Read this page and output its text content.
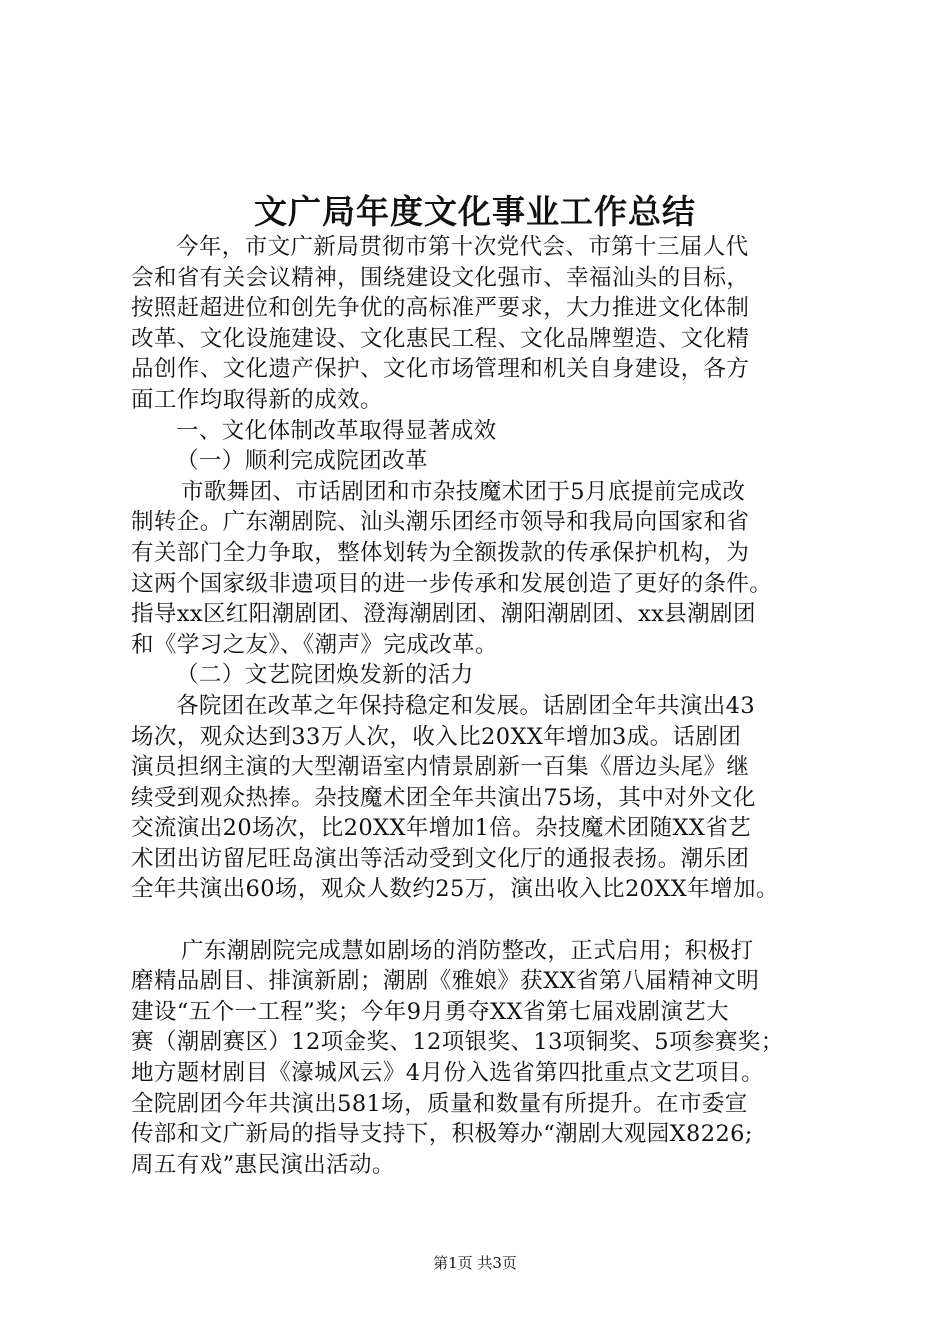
文广局年度文化事业工作总结
今年，市文广新局贯彻市第十次党代会、市第十三届人代
会和省有关会议精神，围绕建设文化强市、幸福汕头的目标，
按照赶超进位和创先争优的高标准严要求，大力推进文化体制
改革、文化设施建设、文化惠民工程、文化品牌塑造、文化精
品创作、文化遗产保护、文化市场管理和机关自身建设，各方
面工作均取得新的成效。
一、文化体制改革取得显著成效
（一）顺利完成院团改革
市歌舞团、市话剧团和市杂技魔术团于5月底提前完成改
制转企。广东潮剧院、汕头潮乐团经市领导和我局向国家和省
有关部门全力争取，整体划转为全额拨款的传承保护机构，为
这两个国家级非遗项目的进一步传承和发展创造了更好的条件。
指导xx区红阳潮剧团、澄海潮剧团、潮阳潮剧团、xx县潮剧团
和《学习之友》、《潮声》完成改革。
（二）文艺院团焕发新的活力
各院团在改革之年保持稳定和发展。话剧团全年共演出43
场次，观众达到33万人次，收入比20XX年增加3成。话剧团
演员担纲主演的大型潮语室内情景剧新一百集《厝边头尾》继
续受到观众热捧。杂技魔术团全年共演出75场，其中对外文化
交流演出20场次，比20XX年增加1倍。杂技魔术团随XX省艺
术团出访留尼旺岛演出等活动受到文化厅的通报表扬。潮乐团
全年共演出60场，观众人数约25万，演出收入比20XX年增加。
广东潮剧院完成慧如剧场的消防整改，正式启用；积极打
磨精品剧目、排演新剧；潮剧《雅娘》获XX省第八届精神文明
建设“五个一工程”奖；今年9月勇夺XX省第七届戏剧演艺大
赛（潮剧赛区）12项金奖、12项银奖、13项铜奖、5项参赛奖；
地方题材剧目《濠城风云》4月份入选省第四批重点文艺项目。
全院剧团今年共演出581场，质量和数量有所提升。在市委宣
传部和文广新局的指导支持下，积极筹办“潮剧大观园X8226;
周五有戏”惠民演出活动。
第1页 共3页
